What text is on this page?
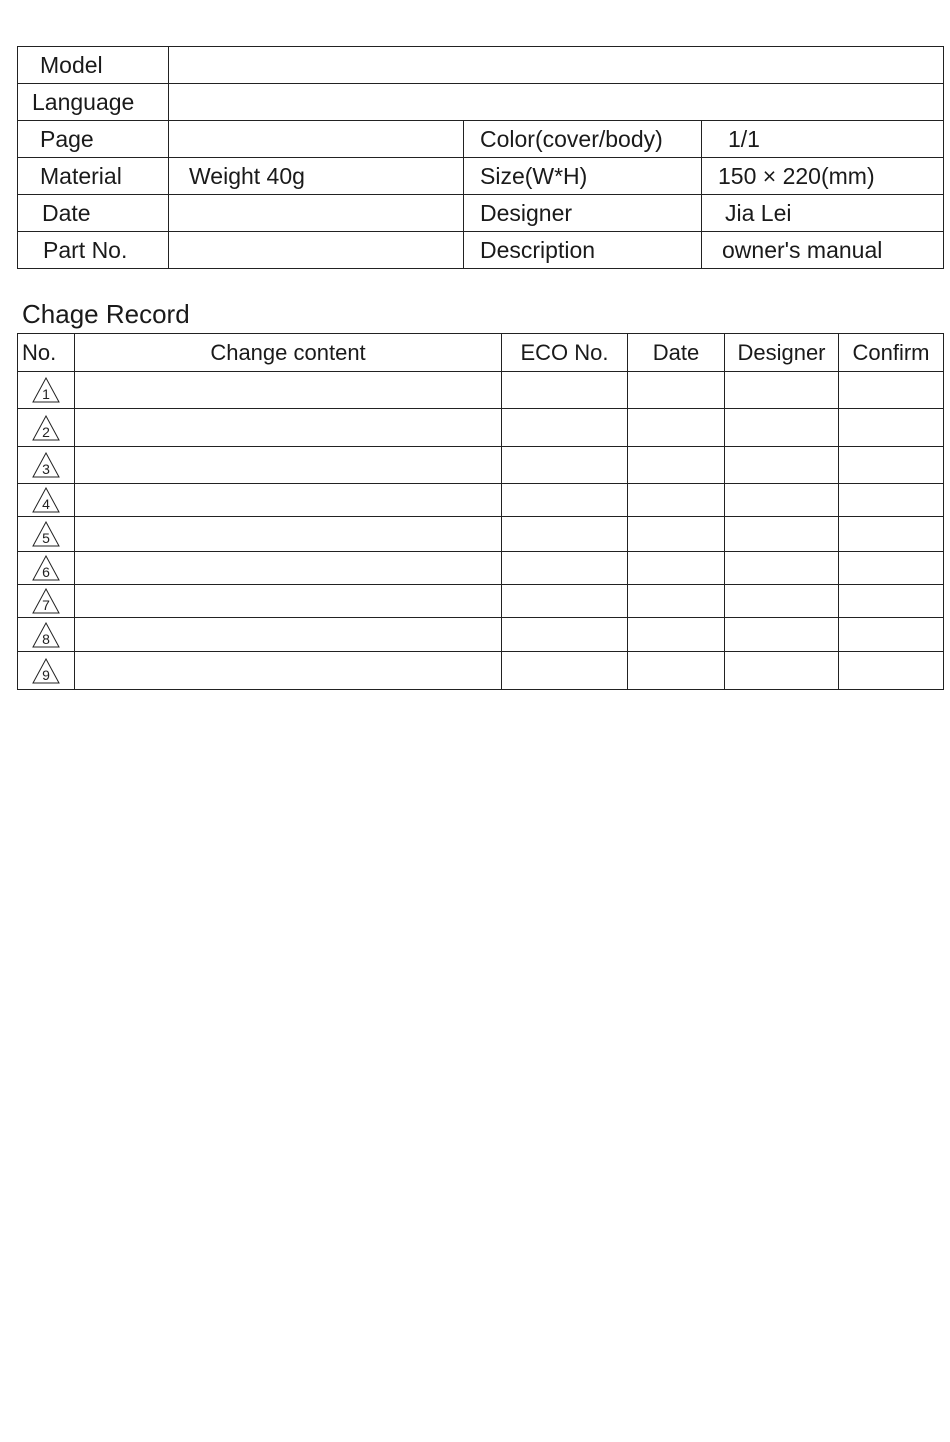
Model			
Language			
Page		Color(cover/body)	1/1
Material	Weight 40g	Size(W*H)	150 × 220(mm)
Date		Designer	Jia Lei
Part No.		Description	owner's manual
Chage Record
No.	Change content	ECO No.	Date	Designer	Confirm

1					

2					

3					

4					

5					

6					

7					

8					

9					
